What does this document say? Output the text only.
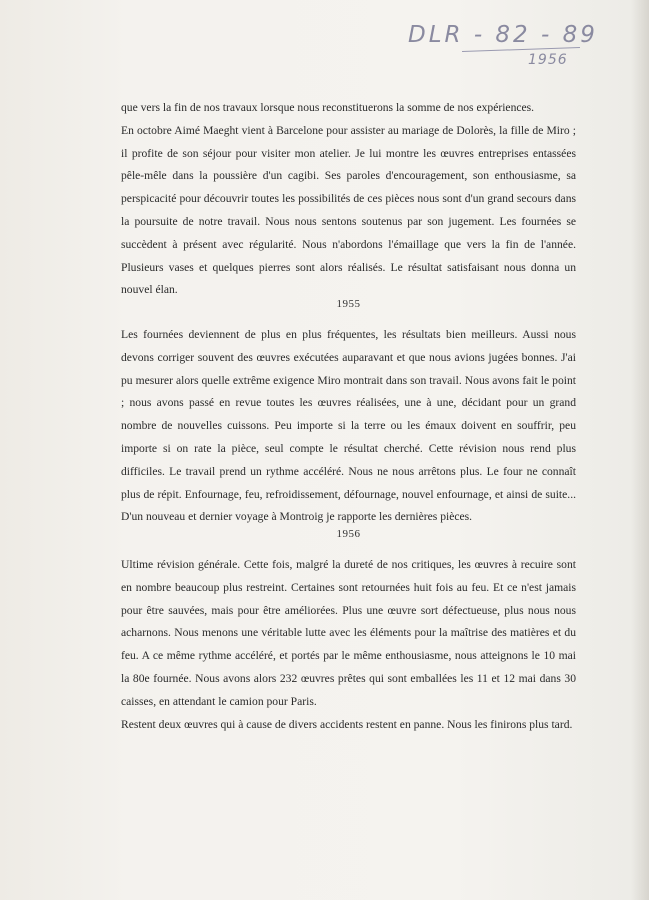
DLR - 82 - 89
1956

que vers la fin de nos travaux lorsque nous reconstituerons la somme de nos expériences.

En octobre Aimé Maeght vient à Barcelone pour assister au mariage de Dolorès, la fille de Miro ; il profite de son séjour pour visiter mon atelier. Je lui montre les œuvres entreprises entassées pêle-mêle dans la poussière d'un cagibi. Ses paroles d'encouragement, son enthousiasme, sa perspicacité pour découvrir toutes les possibilités de ces pièces nous sont d'un grand secours dans la poursuite de notre travail. Nous nous sentons soutenus par son jugement. Les fournées se succèdent à présent avec régularité. Nous n'abordons l'émaillage que vers la fin de l'année. Plusieurs vases et quelques pierres sont alors réalisés. Le résultat satisfaisant nous donna un nouvel élan.

1955

Les fournées deviennent de plus en plus fréquentes, les résultats bien meilleurs. Aussi nous devons corriger souvent des œuvres exécutées auparavant et que nous avions jugées bonnes. J'ai pu mesurer alors quelle extrême exigence Miro montrait dans son travail. Nous avons fait le point ; nous avons passé en revue toutes les œuvres réalisées, une à une, décidant pour un grand nombre de nouvelles cuissons. Peu importe si la terre ou les émaux doivent en souffrir, peu importe si on rate la pièce, seul compte le résultat cherché. Cette révision nous rend plus difficiles. Le travail prend un rythme accéléré. Nous ne nous arrêtons plus. Le four ne connaît plus de répit. Enfournage, feu, refroidissement, défournage, nouvel enfournage, et ainsi de suite... D'un nouveau et dernier voyage à Montroig je rapporte les dernières pièces.

1956

Ultime révision générale. Cette fois, malgré la dureté de nos critiques, les œuvres à recuire sont en nombre beaucoup plus restreint. Certaines sont retournées huit fois au feu. Et ce n'est jamais pour être sauvées, mais pour être améliorées. Plus une œuvre sort défectueuse, plus nous nous acharnons. Nous menons une véritable lutte avec les éléments pour la maîtrise des matières et du feu. A ce même rythme accéléré, et portés par le même enthousiasme, nous atteignons le 10 mai la 80e fournée. Nous avons alors 232 œuvres prêtes qui sont emballées les 11 et 12 mai dans 30 caisses, en attendant le camion pour Paris.

Restent deux œuvres qui à cause de divers accidents restent en panne. Nous les finirons plus tard.
